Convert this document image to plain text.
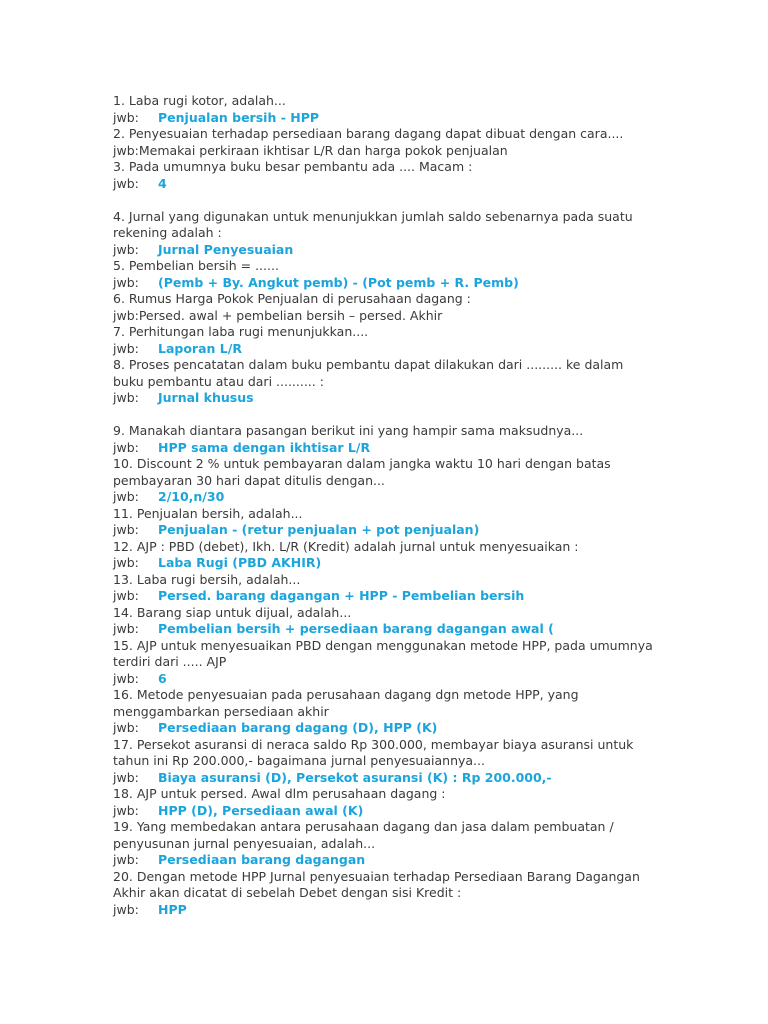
1. Laba rugi kotor, adalah...
jwb: Penjualan bersih - HPP
2. Penyesuaian terhadap persediaan barang dagang dapat dibuat dengan cara....
jwb:Memakai perkiraan ikhtisar L/R dan harga pokok penjualan
3. Pada umumnya buku besar pembantu ada .... Macam :
jwb: 4
4. Jurnal yang digunakan untuk menunjukkan jumlah saldo sebenarnya pada suatu
rekening adalah :
jwb: Jurnal Penyesuaian
5. Pembelian bersih = ......
jwb: (Pemb + By. Angkut pemb) - (Pot pemb + R. Pemb)
6. Rumus Harga Pokok Penjualan di perusahaan dagang :
jwb:Persed. awal + pembelian bersih – persed. Akhir
7. Perhitungan laba rugi menunjukkan....
jwb: Laporan L/R
8. Proses pencatatan dalam buku pembantu dapat dilakukan dari ......... ke dalam
buku pembantu atau dari .......... :
jwb: Jurnal khusus
9. Manakah diantara pasangan berikut ini yang hampir sama maksudnya...
jwb: HPP sama dengan ikhtisar L/R
10. Discount 2 % untuk pembayaran dalam jangka waktu 10 hari dengan batas
pembayaran 30 hari dapat ditulis dengan...
jwb: 2/10,n/30
11. Penjualan bersih, adalah...
jwb: Penjualan - (retur penjualan + pot penjualan)
12. AJP : PBD (debet), Ikh. L/R (Kredit) adalah jurnal untuk menyesuaikan :
jwb: Laba Rugi (PBD AKHIR)
13. Laba rugi bersih, adalah...
jwb: Persed. barang dagangan + HPP - Pembelian bersih
14. Barang siap untuk dijual, adalah...
jwb: Pembelian bersih + persediaan barang dagangan awal (
15. AJP untuk menyesuaikan PBD dengan menggunakan metode HPP, pada umumnya
terdiri dari ..... AJP
jwb: 6
16. Metode penyesuaian pada perusahaan dagang dgn metode HPP, yang
menggambarkan persediaan akhir
jwb: Persediaan barang dagang (D), HPP (K)
17. Persekot asuransi di neraca saldo Rp 300.000, membayar biaya asuransi untuk
tahun ini Rp 200.000,- bagaimana jurnal penyesuaiannya...
jwb: Biaya asuransi (D), Persekot asuransi (K) : Rp 200.000,-
18. AJP untuk persed. Awal dlm perusahaan dagang :
jwb: HPP (D), Persediaan awal (K)
19. Yang membedakan antara perusahaan dagang dan jasa dalam pembuatan /
penyusunan jurnal penyesuaian, adalah...
jwb: Persediaan barang dagangan
20. Dengan metode HPP Jurnal penyesuaian terhadap Persediaan Barang Dagangan
Akhir akan dicatat di sebelah Debet dengan sisi Kredit :
jwb: HPP
